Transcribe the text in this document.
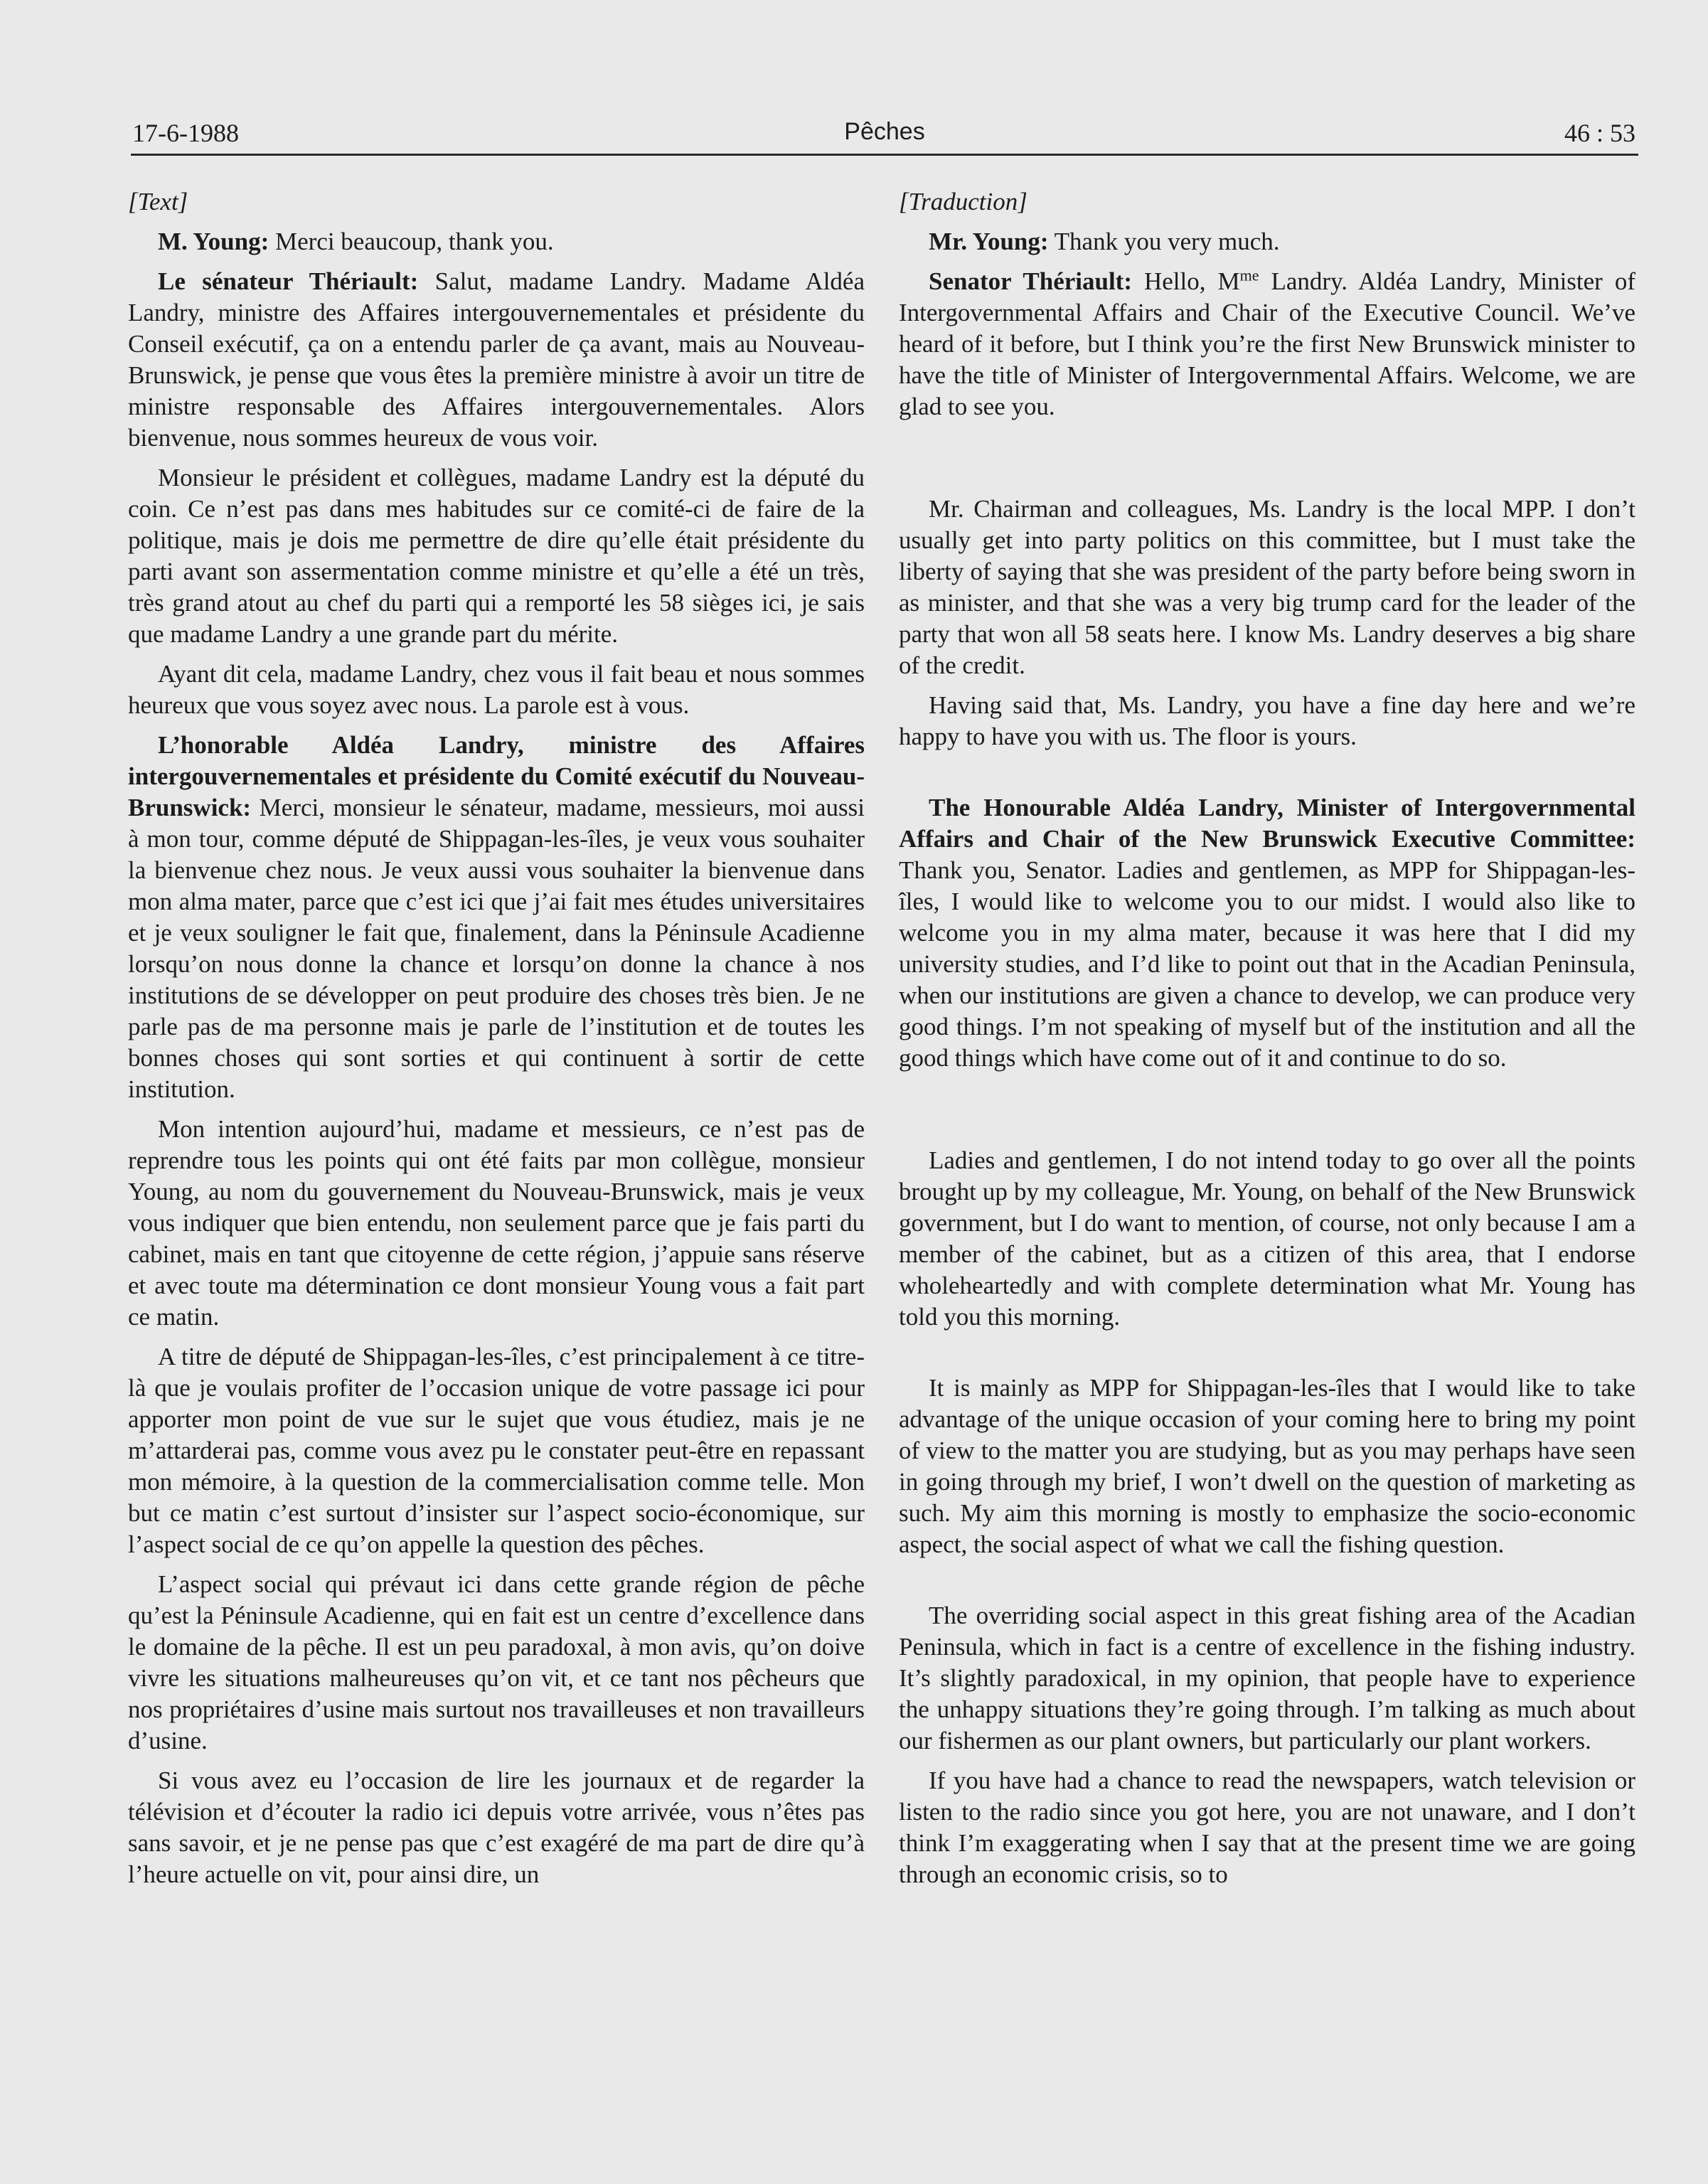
17-6-1988	Pêches	46 : 53

[Text]

M. Young: Merci beaucoup, thank you.

Le sénateur Thériault: Salut, madame Landry. Madame Aldéa Landry, ministre des Affaires intergouvernementales et présidente du Conseil exécutif, ça on a entendu parler de ça avant, mais au Nouveau-Brunswick, je pense que vous êtes la première ministre à avoir un titre de ministre responsable des Affaires intergouvernementales. Alors bienvenue, nous sommes heureux de vous voir.

Monsieur le président et collègues, madame Landry est la député du coin. Ce n’est pas dans mes habitudes sur ce comité-ci de faire de la politique, mais je dois me permettre de dire qu’elle était présidente du parti avant son assermentation comme ministre et qu’elle a été un très, très grand atout au chef du parti qui a remporté les 58 sièges ici, je sais que madame Landry a une grande part du mérite.

Ayant dit cela, madame Landry, chez vous il fait beau et nous sommes heureux que vous soyez avec nous. La parole est à vous.

L’honorable Aldéa Landry, ministre des Affaires intergouvernementales et présidente du Comité exécutif du Nouveau-Brunswick: Merci, monsieur le sénateur, madame, messieurs, moi aussi à mon tour, comme député de Shippagan-les-îles, je veux vous souhaiter la bienvenue chez nous. Je veux aussi vous souhaiter la bienvenue dans mon alma mater, parce que c’est ici que j’ai fait mes études universitaires et je veux souligner le fait que, finalement, dans la Péninsule Acadienne lorsqu’on nous donne la chance et lorsqu’on donne la chance à nos institutions de se développer on peut produire des choses très bien. Je ne parle pas de ma personne mais je parle de l’institution et de toutes les bonnes choses qui sont sorties et qui continuent à sortir de cette institution.

Mon intention aujourd’hui, madame et messieurs, ce n’est pas de reprendre tous les points qui ont été faits par mon collègue, monsieur Young, au nom du gouvernement du Nouveau-Brunswick, mais je veux vous indiquer que bien entendu, non seulement parce que je fais parti du cabinet, mais en tant que citoyenne de cette région, j’appuie sans réserve et avec toute ma détermination ce dont monsieur Young vous a fait part ce matin.

A titre de député de Shippagan-les-îles, c’est principalement à ce titre-là que je voulais profiter de l’occasion unique de votre passage ici pour apporter mon point de vue sur le sujet que vous étudiez, mais je ne m’attarderai pas, comme vous avez pu le constater peut-être en repassant mon mémoire, à la question de la commercialisation comme telle. Mon but ce matin c’est surtout d’insister sur l’aspect socio-économique, sur l’aspect social de ce qu’on appelle la question des pêches.

L’aspect social qui prévaut ici dans cette grande région de pêche qu’est la Péninsule Acadienne, qui en fait est un centre d’excellence dans le domaine de la pêche. Il est un peu paradoxal, à mon avis, qu’on doive vivre les situations malheureuses qu’on vit, et ce tant nos pêcheurs que nos propriétaires d’usine mais surtout nos travailleuses et non travailleurs d’usine.

Si vous avez eu l’occasion de lire les journaux et de regarder la télévision et d’écouter la radio ici depuis votre arrivée, vous n’êtes pas sans savoir, et je ne pense pas que c’est exagéré de ma part de dire qu’à l’heure actuelle on vit, pour ainsi dire, un

[Traduction]

Mr. Young: Thank you very much.

Senator Thériault: Hello, $M^{me}$ Landry. Aldéa Landry, Minister of Intergovernmental Affairs and Chair of the Executive Council. We’ve heard of it before, but I think you’re the first New Brunswick minister to have the title of Minister of Intergovernmental Affairs. Welcome, we are glad to see you.

Mr. Chairman and colleagues, Ms. Landry is the local MPP. I don’t usually get into party politics on this committee, but I must take the liberty of saying that she was president of the party before being sworn in as minister, and that she was a very big trump card for the leader of the party that won all 58 seats here. I know Ms. Landry deserves a big share of the credit.

Having said that, Ms. Landry, you have a fine day here and we’re happy to have you with us. The floor is yours.

The Honourable Aldéa Landry, Minister of Intergovernmental Affairs and Chair of the New Brunswick Executive Committee: Thank you, Senator. Ladies and gentlemen, as MPP for Shippagan-les-îles, I would like to welcome you to our midst. I would also like to welcome you in my alma mater, because it was here that I did my university studies, and I’d like to point out that in the Acadian Peninsula, when our institutions are given a chance to develop, we can produce very good things. I’m not speaking of myself but of the institution and all the good things which have come out of it and continue to do so.

Ladies and gentlemen, I do not intend today to go over all the points brought up by my colleague, Mr. Young, on behalf of the New Brunswick government, but I do want to mention, of course, not only because I am a member of the cabinet, but as a citizen of this area, that I endorse wholeheartedly and with complete determination what Mr. Young has told you this morning.

It is mainly as MPP for Shippagan-les-îles that I would like to take advantage of the unique occasion of your coming here to bring my point of view to the matter you are studying, but as you may perhaps have seen in going through my brief, I won’t dwell on the question of marketing as such. My aim this morning is mostly to emphasize the socio-economic aspect, the social aspect of what we call the fishing question.

The overriding social aspect in this great fishing area of the Acadian Peninsula, which in fact is a centre of excellence in the fishing industry. It’s slightly paradoxical, in my opinion, that people have to experience the unhappy situations they’re going through. I’m talking as much about our fishermen as our plant owners, but particularly our plant workers.

If you have had a chance to read the newspapers, watch television or listen to the radio since you got here, you are not unaware, and I don’t think I’m exaggerating when I say that at the present time we are going through an economic crisis, so to
